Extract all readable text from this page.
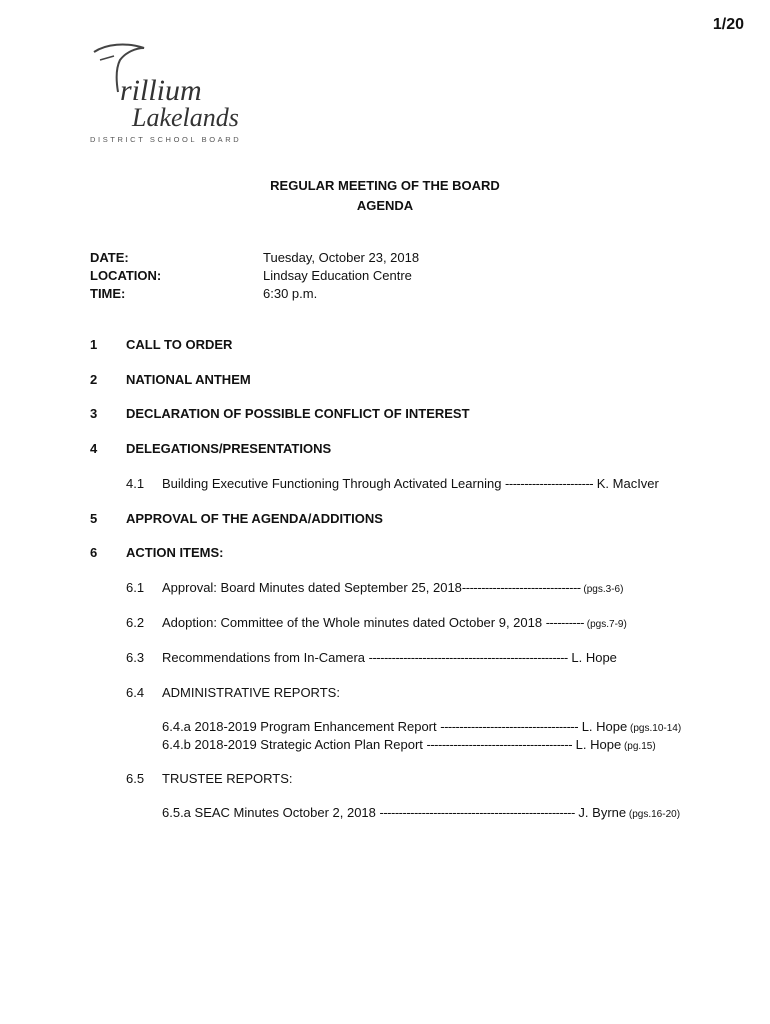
1/20
rillium
Lakelands
DISTRICT SCHOOL BOARD
REGULAR MEETING OF THE BOARD
AGENDA
DATE:	Tuesday, October 23, 2018
LOCATION:	Lindsay Education Centre
TIME:	6:30 p.m.
1 CALL TO ORDER
2 NATIONAL ANTHEM
3 DECLARATION OF POSSIBLE CONFLICT OF INTEREST
4 DELEGATIONS/PRESENTATIONS
4.1 Building Executive Functioning Through Activated Learning ----------------------- K. MacIver
5 APPROVAL OF THE AGENDA/ADDITIONS
6 ACTION ITEMS:
6.1 Approval: Board Minutes dated September 25, 2018------------------------------- (pgs.3-6)
6.2 Adoption: Committee of the Whole minutes dated October 9, 2018 ---------- (pgs.7-9)
6.3 Recommendations from In-Camera ---------------------------------------------------- L. Hope
6.4 ADMINISTRATIVE REPORTS:
6.4.a 2018-2019 Program Enhancement Report ------------------------------------ L. Hope (pgs.10-14)
6.4.b 2018-2019 Strategic Action Plan Report -------------------------------------- L. Hope (pg.15)
6.5 TRUSTEE REPORTS:
6.5.a SEAC Minutes October 2, 2018 --------------------------------------------------- J. Byrne (pgs.16-20)
